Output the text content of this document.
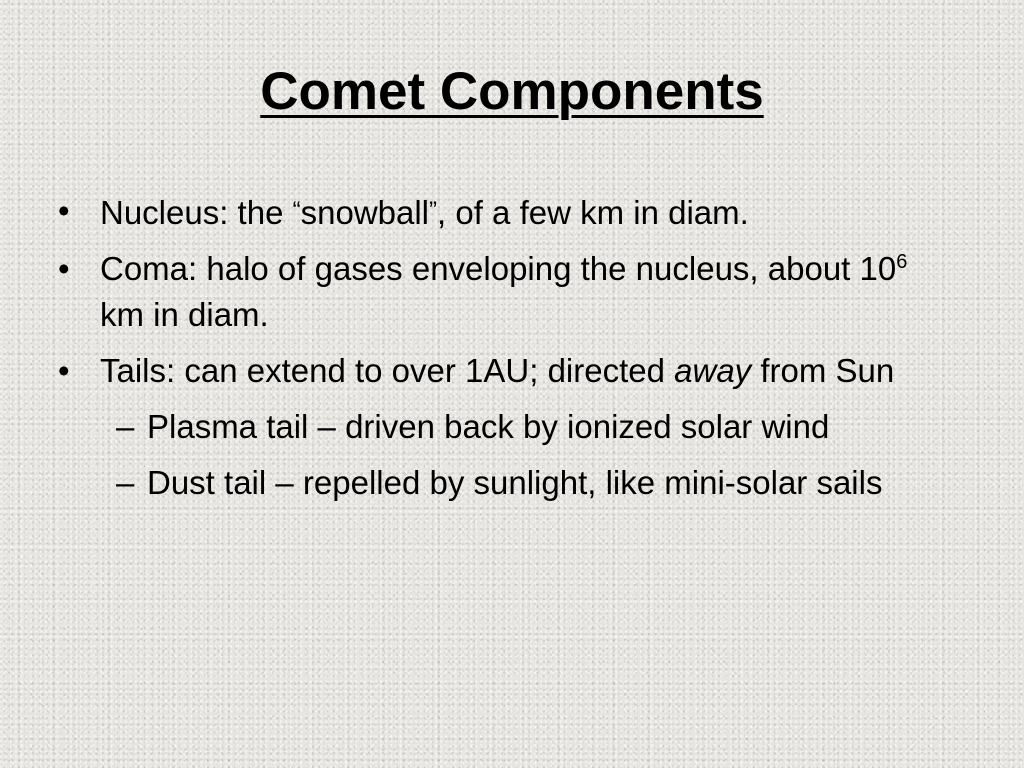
Comet Components
• Nucleus: the “snowball”, of a few km in diam.
• Coma: halo of gases enveloping the nucleus, about $10^6$ km in diam.
• Tails: can extend to over 1AU; directed away from Sun
– Plasma tail – driven back by ionized solar wind
– Dust tail – repelled by sunlight, like mini-solar sails
